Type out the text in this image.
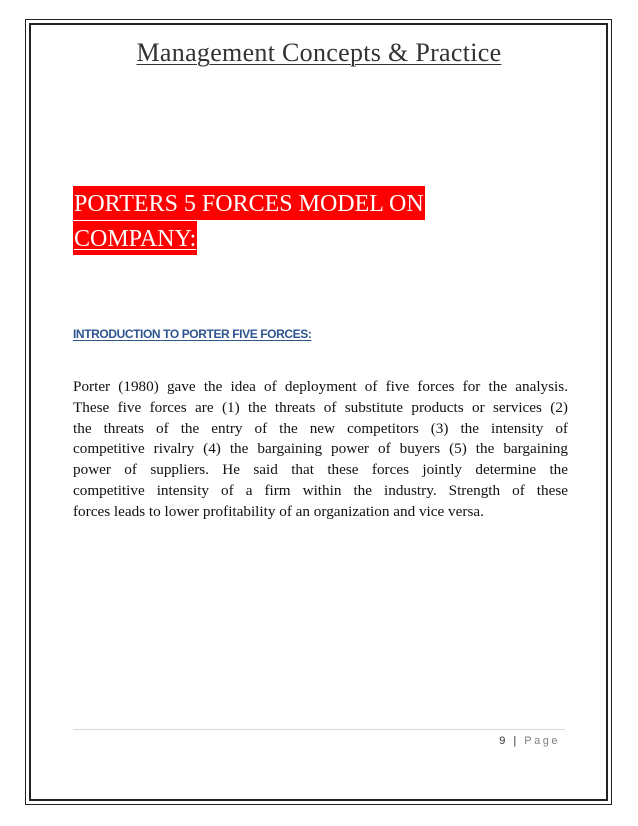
Management Concepts & Practice
PORTERS 5 FORCES MODEL ON
COMPANY:
INTRODUCTION TO PORTER FIVE FORCES:
Porter (1980) gave the idea of deployment of five forces for the analysis.
These five forces are (1) the threats of substitute products or services (2)
the threats of the entry of the new competitors (3) the intensity of
competitive rivalry (4) the bargaining power of buyers (5) the bargaining
power of suppliers. He said that these forces jointly determine the
competitive intensity of a firm within the industry. Strength of these
forces leads to lower profitability of an organization and vice versa.
9 | Page
